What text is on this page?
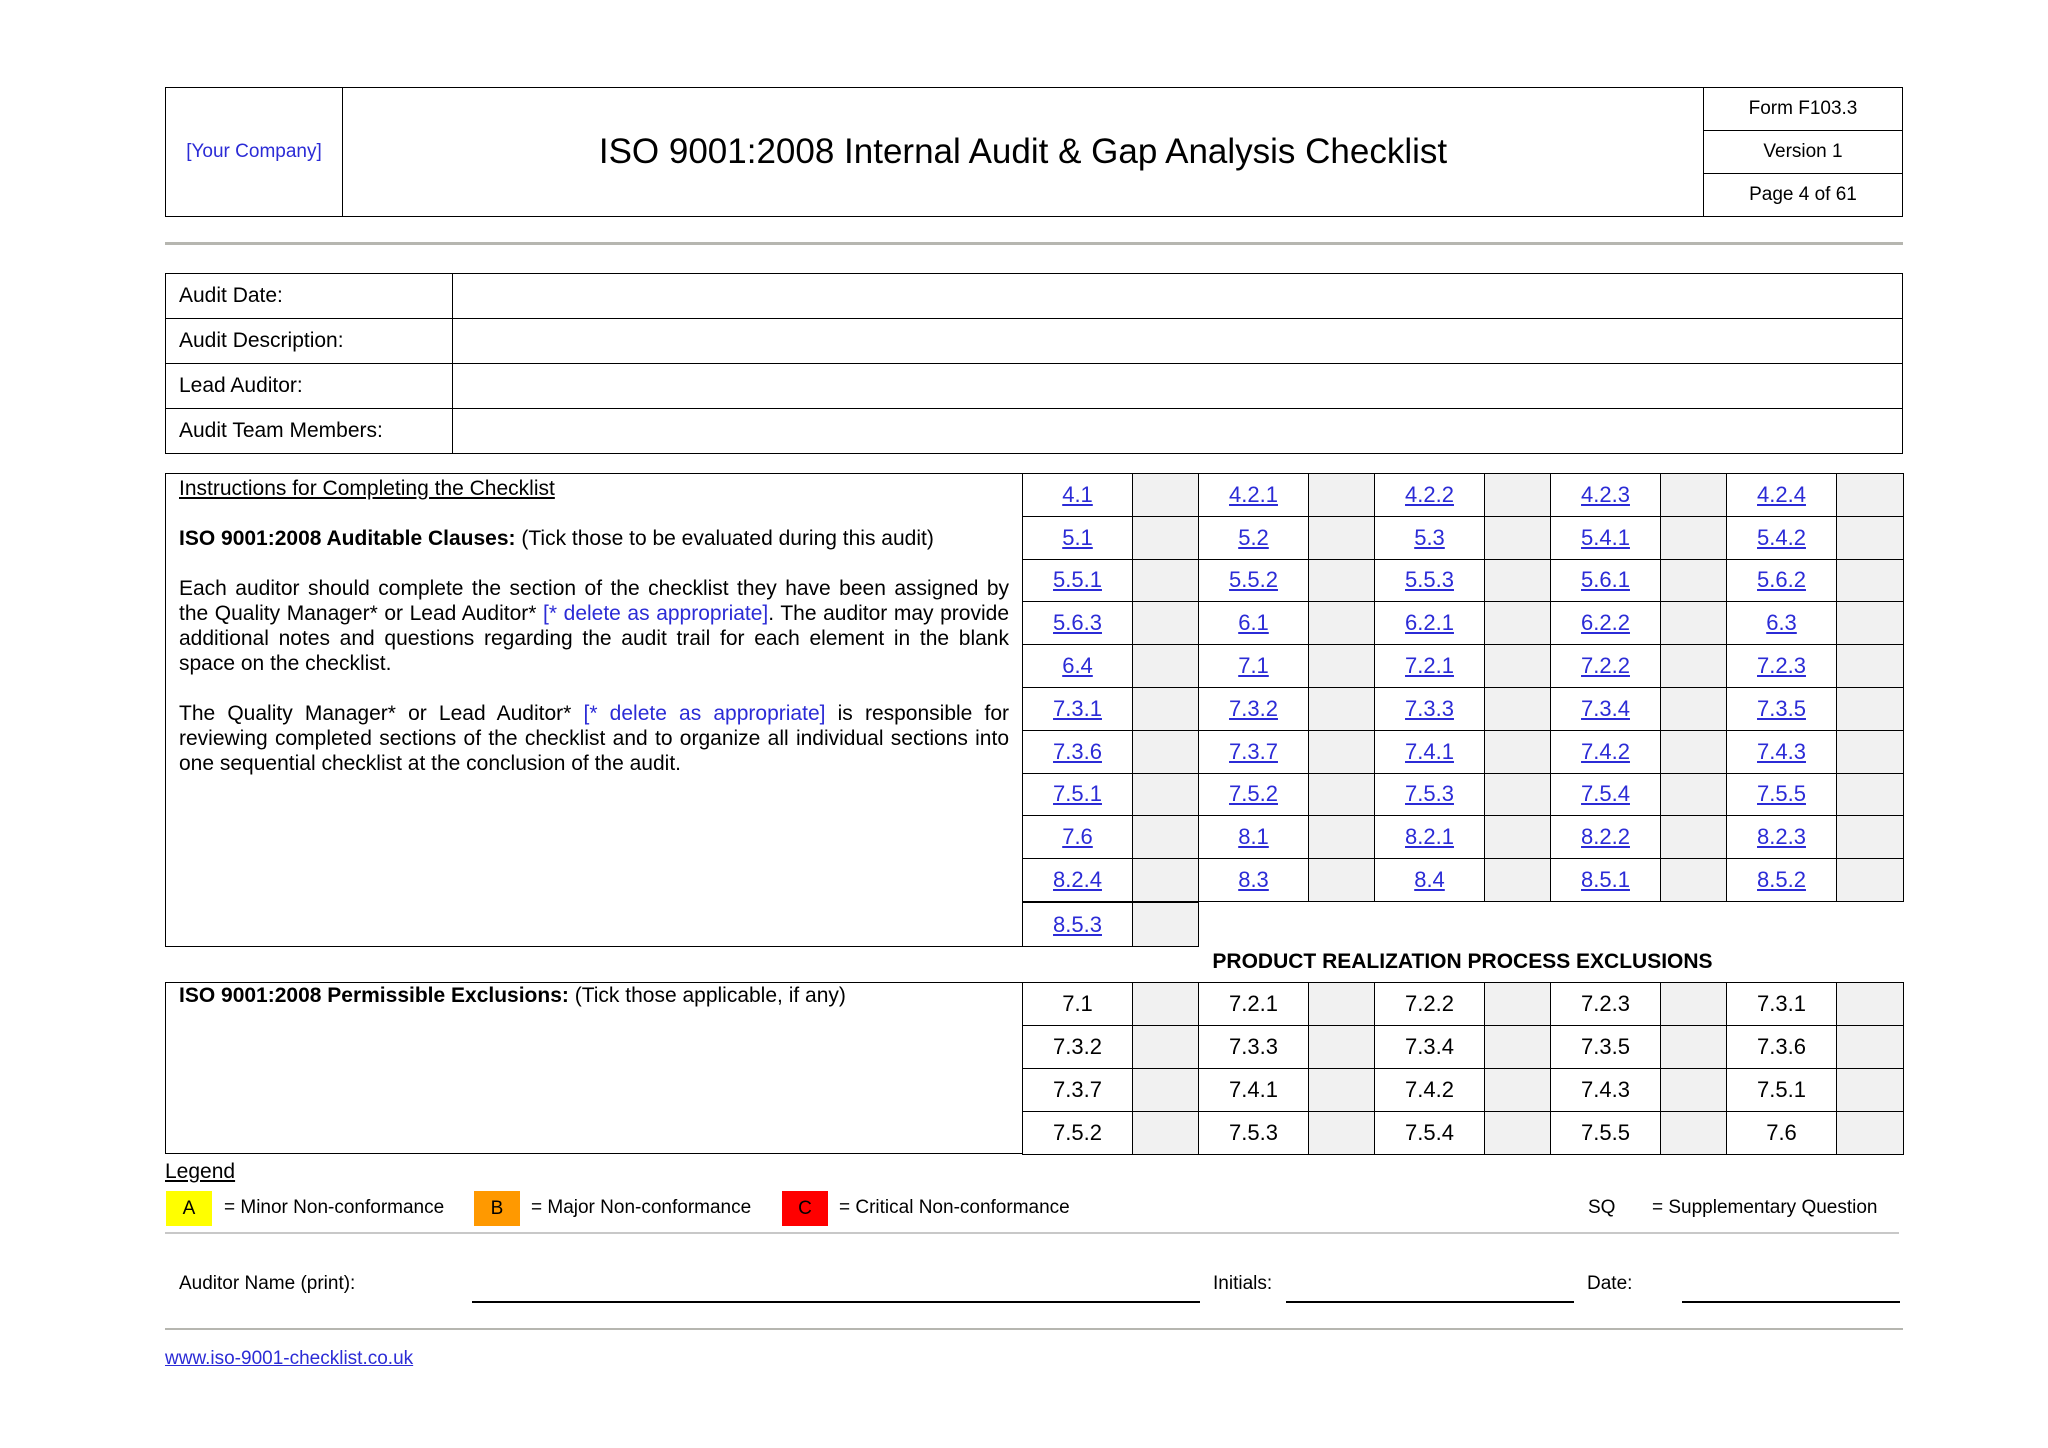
[Your Company]	ISO 9001:2008 Internal Audit & Gap Analysis Checklist	Form F103.3
Version 1
Page 4 of 61
Audit Date:	
Audit Description:	
Lead Auditor:	
Audit Team Members:	

Instructions for Completing the Checklist

ISO 9001:2008 Auditable Clauses: (Tick those to be evaluated during this audit)

Each auditor should complete the section of the checklist they have been assigned by the Quality Manager* or Lead Auditor* [* delete as appropriate]. The auditor may provide additional notes and questions regarding the audit trail for each element in the blank space on the checklist.

The Quality Manager* or Lead Auditor* [* delete as appropriate] is responsible for reviewing completed sections of the checklist and to organize all individual sections into one sequential checklist at the conclusion of the audit.

4.1		4.2.1		4.2.2		4.2.3		4.2.4	
5.1		5.2		5.3		5.4.1		5.4.2	
5.5.1		5.5.2		5.5.3		5.6.1		5.6.2	
5.6.3		6.1		6.2.1		6.2.2		6.3	
6.4		7.1		7.2.1		7.2.2		7.2.3	
7.3.1		7.3.2		7.3.3		7.3.4		7.3.5	
7.3.6		7.3.7		7.4.1		7.4.2		7.4.3	
7.5.1		7.5.2		7.5.3		7.5.4		7.5.5	
7.6		8.1		8.2.1		8.2.2		8.2.3	
8.2.4		8.3		8.4		8.5.1		8.5.2	
8.5.3	
PRODUCT REALIZATION PROCESS EXCLUSIONS
ISO 9001:2008 Permissible Exclusions: (Tick those applicable, if any)	7.1		7.2.1		7.2.2		7.2.3		7.3.1	
7.3.2		7.3.3		7.3.4		7.3.5		7.3.6	
7.3.7		7.4.1		7.4.2		7.4.3		7.5.1	
7.5.2		7.5.3		7.5.4		7.5.5		7.6	
Legend
A	= Minor Non-conformance	B	= Major Non-conformance	C	= Critical Non-conformance	SQ = Supplementary Question
Auditor Name (print):	Initials:	Date:
www.iso-9001-checklist.co.uk
